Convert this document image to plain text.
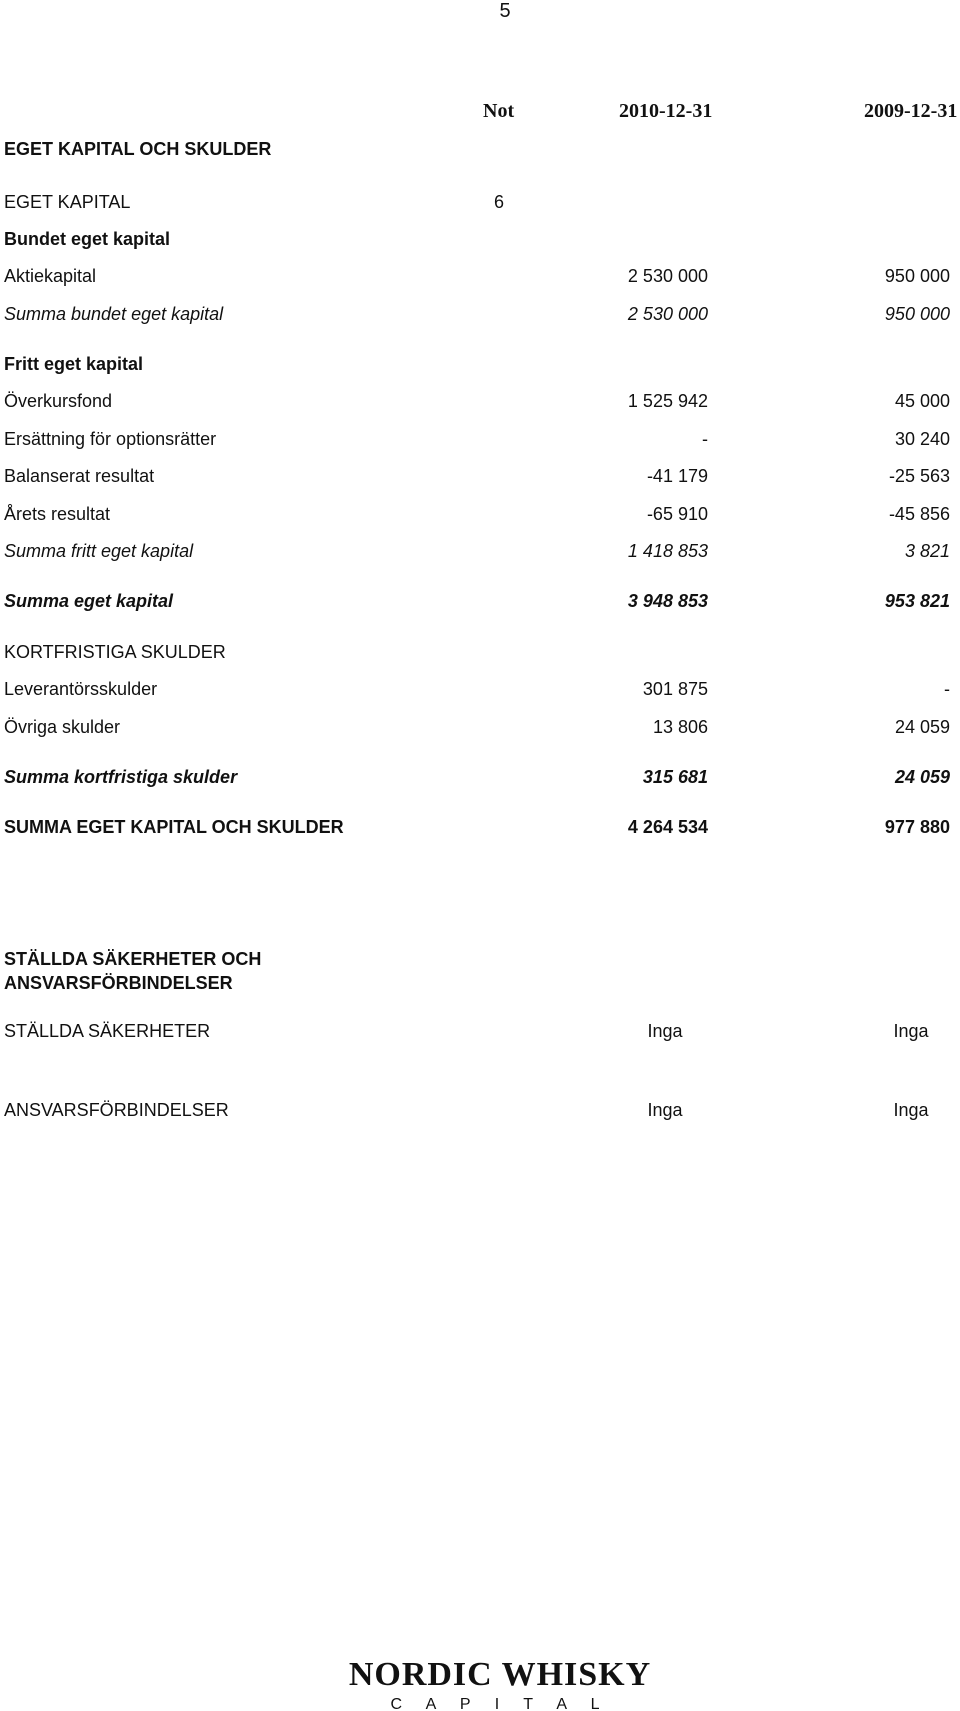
5
Not	2010-12-31	2009-12-31
EGET KAPITAL OCH SKULDER
EGET KAPITAL	6
Bundet eget kapital
Aktiekapital	2 530 000	950 000
Summa bundet eget kapital	2 530 000	950 000
Fritt eget kapital
Överkursfond	1 525 942	45 000
Ersättning för optionsrätter	-	30 240
Balanserat resultat	-41 179	-25 563
Årets resultat	-65 910	-45 856
Summa fritt eget kapital	1 418 853	3 821
Summa eget kapital	3 948 853	953 821
KORTFRISTIGA SKULDER
Leverantörsskulder	301 875	-
Övriga skulder	13 806	24 059
Summa kortfristiga skulder	315 681	24 059
SUMMA EGET KAPITAL OCH SKULDER	4 264 534	977 880
STÄLLDA SÄKERHETER OCH
ANSVARSFÖRBINDELSER
STÄLLDA SÄKERHETER	Inga	Inga
ANSVARSFÖRBINDELSER	Inga	Inga
NORDIC WHISKY
C A P I T A L
